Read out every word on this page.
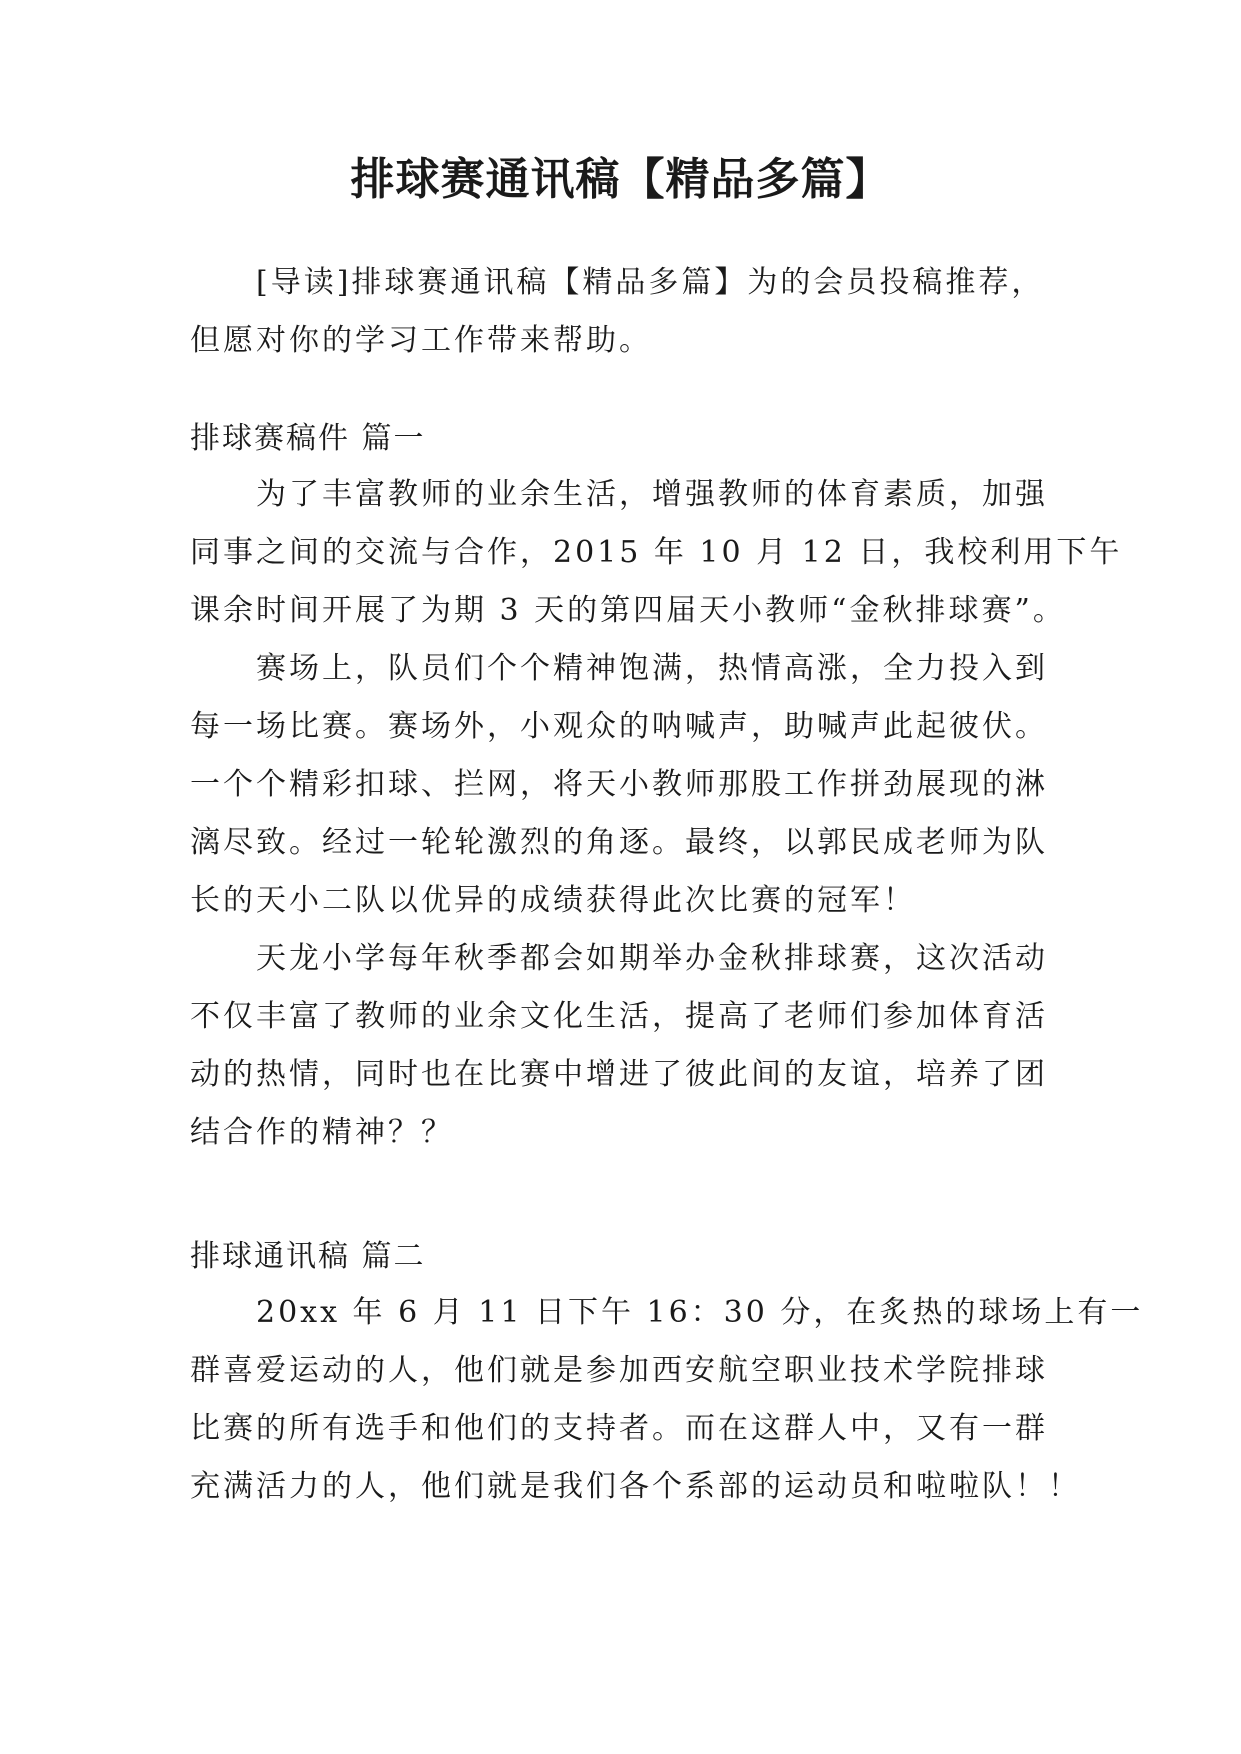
排球赛通讯稿【精品多篇】
[导读]排球赛通讯稿【精品多篇】为的会员投稿推荐，
但愿对你的学习工作带来帮助。
排球赛稿件 篇一
为了丰富教师的业余生活，增强教师的体育素质，加强
同事之间的交流与合作，2015 年 10 月 12 日，我校利用下午
课余时间开展了为期 3 天的第四届天小教师“金秋排球赛”。
赛场上，队员们个个精神饱满，热情高涨，全力投入到
每一场比赛。赛场外，小观众的呐喊声，助喊声此起彼伏。
一个个精彩扣球、拦网，将天小教师那股工作拼劲展现的淋
漓尽致。经过一轮轮激烈的角逐。最终，以郭民成老师为队
长的天小二队以优异的成绩获得此次比赛的冠军！
天龙小学每年秋季都会如期举办金秋排球赛，这次活动
不仅丰富了教师的业余文化生活，提高了老师们参加体育活
动的热情，同时也在比赛中增进了彼此间的友谊，培养了团
结合作的精神？？
排球通讯稿 篇二
20xx 年 6 月 11 日下午 16：30 分，在炙热的球场上有一
群喜爱运动的人，他们就是参加西安航空职业技术学院排球
比赛的所有选手和他们的支持者。而在这群人中，又有一群
充满活力的人，他们就是我们各个系部的运动员和啦啦队！！
